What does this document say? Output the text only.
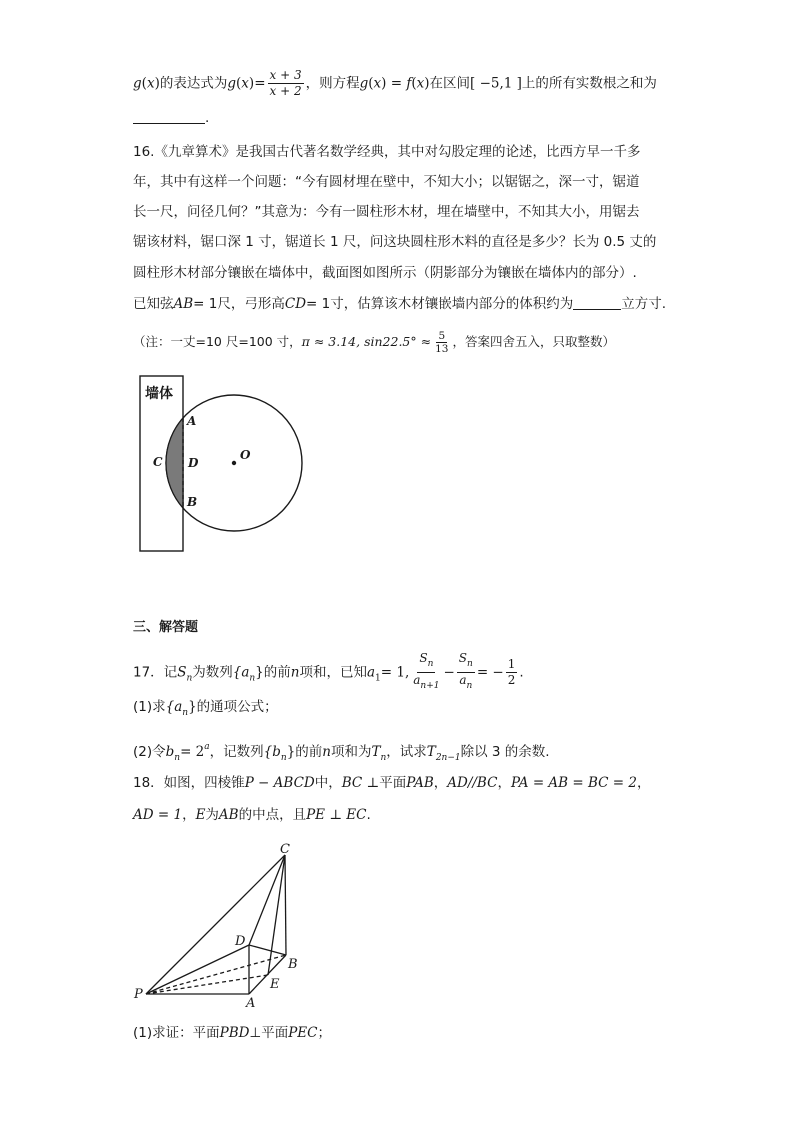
g(x)的表达式为$g(x)= \frac{x + 3}{x + 2}$ ，则方程g(x) = f(x)在区间[ −5,1 ]上的所有实数根之和为
.
16.《九章算术》是我国古代著名数学经典，其中对勾股定理的论述，比西方早一千多
年，其中有这样一个问题：“今有圆材埋在壁中，不知大小；以锯锯之，深一寸，锯道
长一尺，问径几何？”其意为：今有一圆柱形木材，埋在墙壁中，不知其大小，用锯去
锯该材料，锯口深 1 寸，锯道长 1 尺，问这块圆柱形木料的直径是多少？长为 0.5 丈的
圆柱形木材部分镶嵌在墙体中，截面图如图所示（阴影部分为镶嵌在墙体内的部分）.
已知弦AB= 1尺，弓形高CD= 1寸，估算该木材镶嵌墙内部分的体积约为	立方寸.
（注：一丈=10 尺=100 寸，π ≈ 3.14, $\sin 22.5^\circ \approx \frac{5}{13}$ ，答案四舍五入，只取整数）
墙体
A
B
C D
O
三、解答题
17．记$S_n$为数列$\{a_n\}$的前n项和，已知$a_1= 1$, $\frac{S_n}{a_{n+1}} - \frac{S_n}{a_n}$ = − $\frac{1}{2}$ .
(1)求$\{a_n\}$的通项公式；
(2)令$b_n= 2^a$，记数列$\{b_n\}$的前n项和为$T_n$，试求$T_{2n-1}$除以 3 的余数.
18．如图，四棱锥P − ABCD中，BC ⊥平面PAB，AD//BC，PA = AB = BC = 2，
AD = 1，E为AB的中点，且PE ⊥ EC.
C
D
B
P
A
E
(1)求证：平面PBD⊥平面PEC；
